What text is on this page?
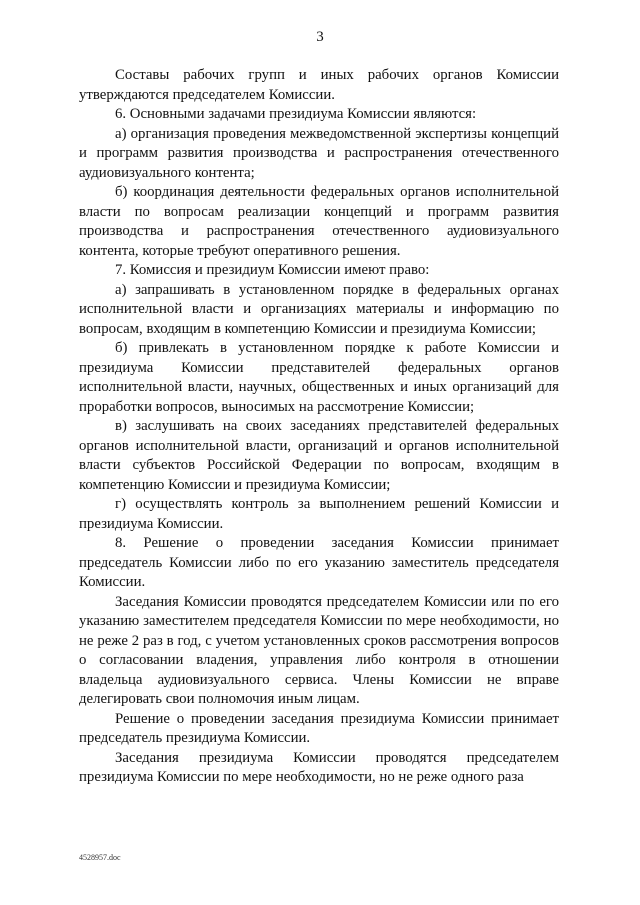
3

Составы рабочих групп и иных рабочих органов Комиссии утверждаются председателем Комиссии.

6. Основными задачами президиума Комиссии являются:

а) организация проведения межведомственной экспертизы концепций и программ развития производства и распространения отечественного аудиовизуального контента;

б) координация деятельности федеральных органов исполнительной власти по вопросам реализации концепций и программ развития производства и распространения отечественного аудиовизуального контента, которые требуют оперативного решения.

7. Комиссия и президиум Комиссии имеют право:

а) запрашивать в установленном порядке в федеральных органах исполнительной власти и организациях материалы и информацию по вопросам, входящим в компетенцию Комиссии и президиума Комиссии;

б) привлекать в установленном порядке к работе Комиссии и президиума Комиссии представителей федеральных органов исполнительной власти, научных, общественных и иных организаций для проработки вопросов, выносимых на рассмотрение Комиссии;

в) заслушивать на своих заседаниях представителей федеральных органов исполнительной власти, организаций и органов исполнительной власти субъектов Российской Федерации по вопросам, входящим в компетенцию Комиссии и президиума Комиссии;

г) осуществлять контроль за выполнением решений Комиссии и президиума Комиссии.

8. Решение о проведении заседания Комиссии принимает председатель Комиссии либо по его указанию заместитель председателя Комиссии.

Заседания Комиссии проводятся председателем Комиссии или по его указанию заместителем председателя Комиссии по мере необходимости, но не реже 2 раз в год, с учетом установленных сроков рассмотрения вопросов о согласовании владения, управления либо контроля в отношении владельца аудиовизуального сервиса. Члены Комиссии не вправе делегировать свои полномочия иным лицам.

Решение о проведении заседания президиума Комиссии принимает председатель президиума Комиссии.

Заседания президиума Комиссии проводятся председателем президиума Комиссии по мере необходимости, но не реже одного раза

4528957.doc
